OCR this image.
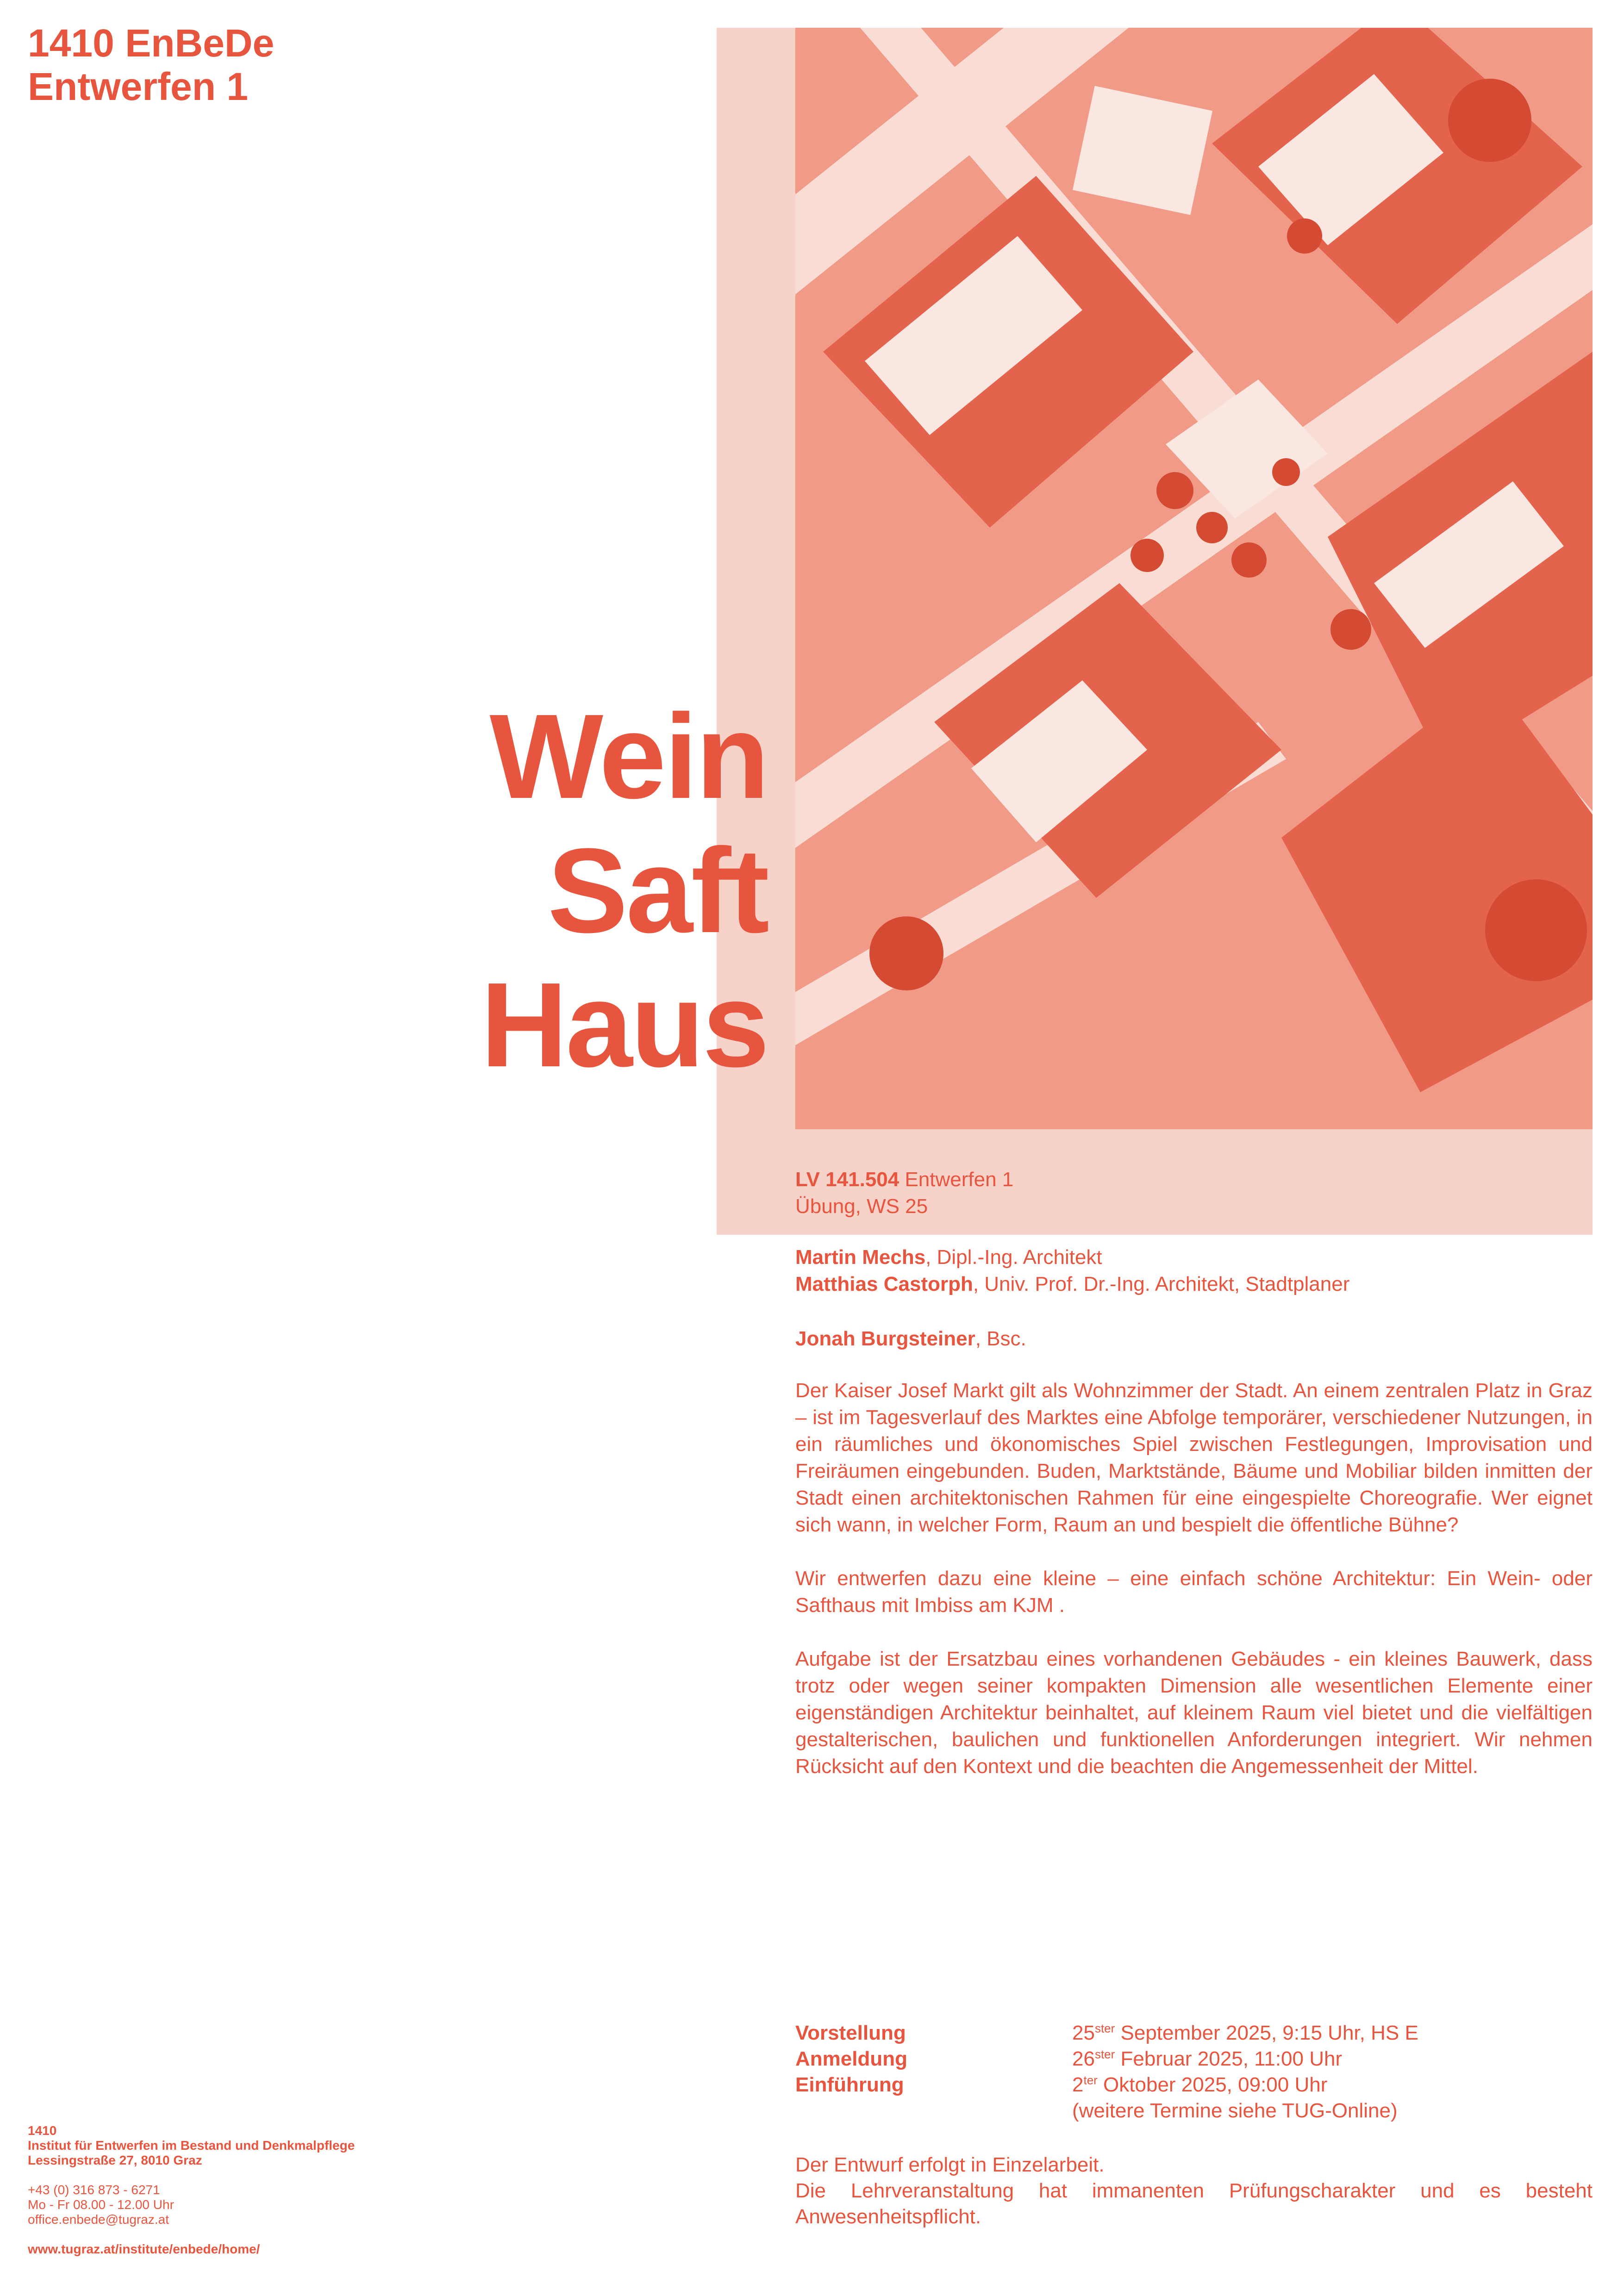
1410 EnBeDe
Entwerfen 1
Wein
Saft
Haus
LV 141.504 Entwerfen 1
Übung, WS 25
Martin Mechs, Dipl.-Ing. Architekt
Matthias Castorph, Univ. Prof. Dr.-Ing. Architekt, Stadtplaner
Jonah Burgsteiner, Bsc.

Der Kaiser Josef Markt gilt als Wohnzimmer der Stadt. An einem zentralen Platz in Graz – ist im Tagesverlauf des Marktes eine Abfolge temporärer, verschiedener Nutzungen, in ein räumliches und ökonomisches Spiel zwischen Festlegungen, Improvisation und Freiräumen eingebunden. Buden, Marktstände, Bäume und Mobiliar bilden inmitten der Stadt einen architektonischen Rahmen für eine eingespielte Choreografie. Wer eignet sich wann, in welcher Form, Raum an und bespielt die öffentliche Bühne?

Wir entwerfen dazu eine kleine – eine einfach schöne Architektur: Ein Wein- oder Safthaus mit Imbiss am KJM .

Aufgabe ist der Ersatzbau eines vorhandenen Gebäudes - ein kleines Bauwerk, dass trotz oder wegen seiner kompakten Dimension alle wesentlichen Elemente einer eigenständigen Architektur beinhaltet, auf kleinem Raum viel bietet und die vielfältigen gestalterischen, baulichen und funktionellen Anforderungen integriert. Wir nehmen Rücksicht auf den Kontext und die beachten die Angemessenheit der Mittel.

Vorstellung	$25^{ster}$ September 2025, 9:15 Uhr, HS E
Anmeldung	$26^{ster}$ Februar 2025, 11:00 Uhr
Einführung	$2^{ter}$ Oktober 2025, 09:00 Uhr
(weitere Termine siehe TUG-Online)
Der Entwurf erfolgt in Einzelarbeit.
Die Lehrveranstaltung hat immanenten Prüfungscharakter und es besteht Anwesenheitspflicht.
1410
Institut für Entwerfen im Bestand und Denkmalpflege
Lessingstraße 27, 8010 Graz
+43 (0) 316 873 - 6271
Mo - Fr 08.00 - 12.00 Uhr
office.enbede@tugraz.at
www.tugraz.at/institute/enbede/home/
